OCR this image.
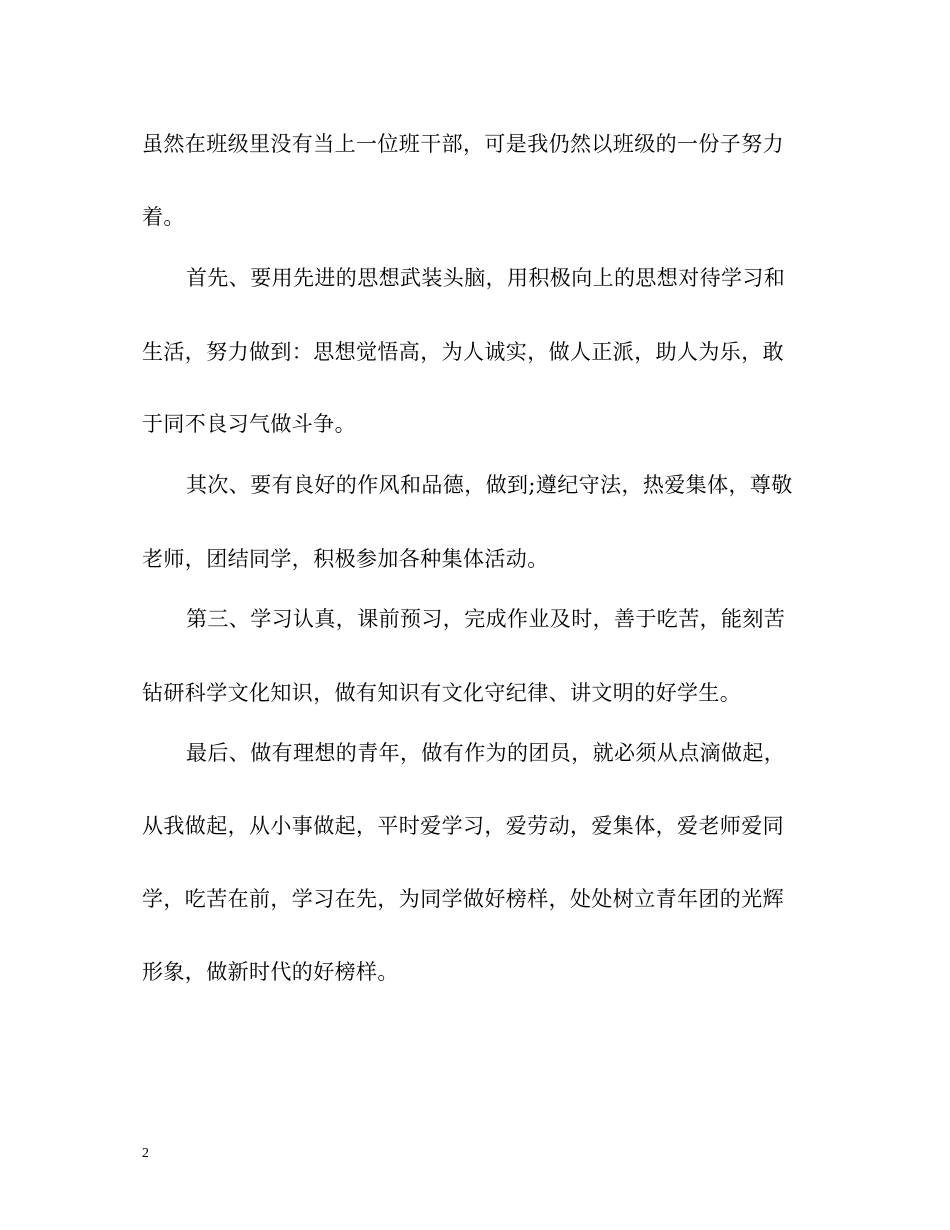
虽然在班级里没有当上一位班干部，可是我仍然以班级的一份子努力
着。
首先、要用先进的思想武装头脑，用积极向上的思想对待学习和
生活，努力做到：思想觉悟高，为人诚实，做人正派，助人为乐，敢
于同不良习气做斗争。
其次、要有良好的作风和品德，做到;遵纪守法，热爱集体，尊敬
老师，团结同学，积极参加各种集体活动。
第三、学习认真，课前预习，完成作业及时，善于吃苦，能刻苦
钻研科学文化知识，做有知识有文化守纪律、讲文明的好学生。
最后、做有理想的青年，做有作为的团员，就必须从点滴做起，
从我做起，从小事做起，平时爱学习，爱劳动，爱集体，爱老师爱同
学，吃苦在前，学习在先，为同学做好榜样，处处树立青年团的光辉
形象，做新时代的好榜样。
2
